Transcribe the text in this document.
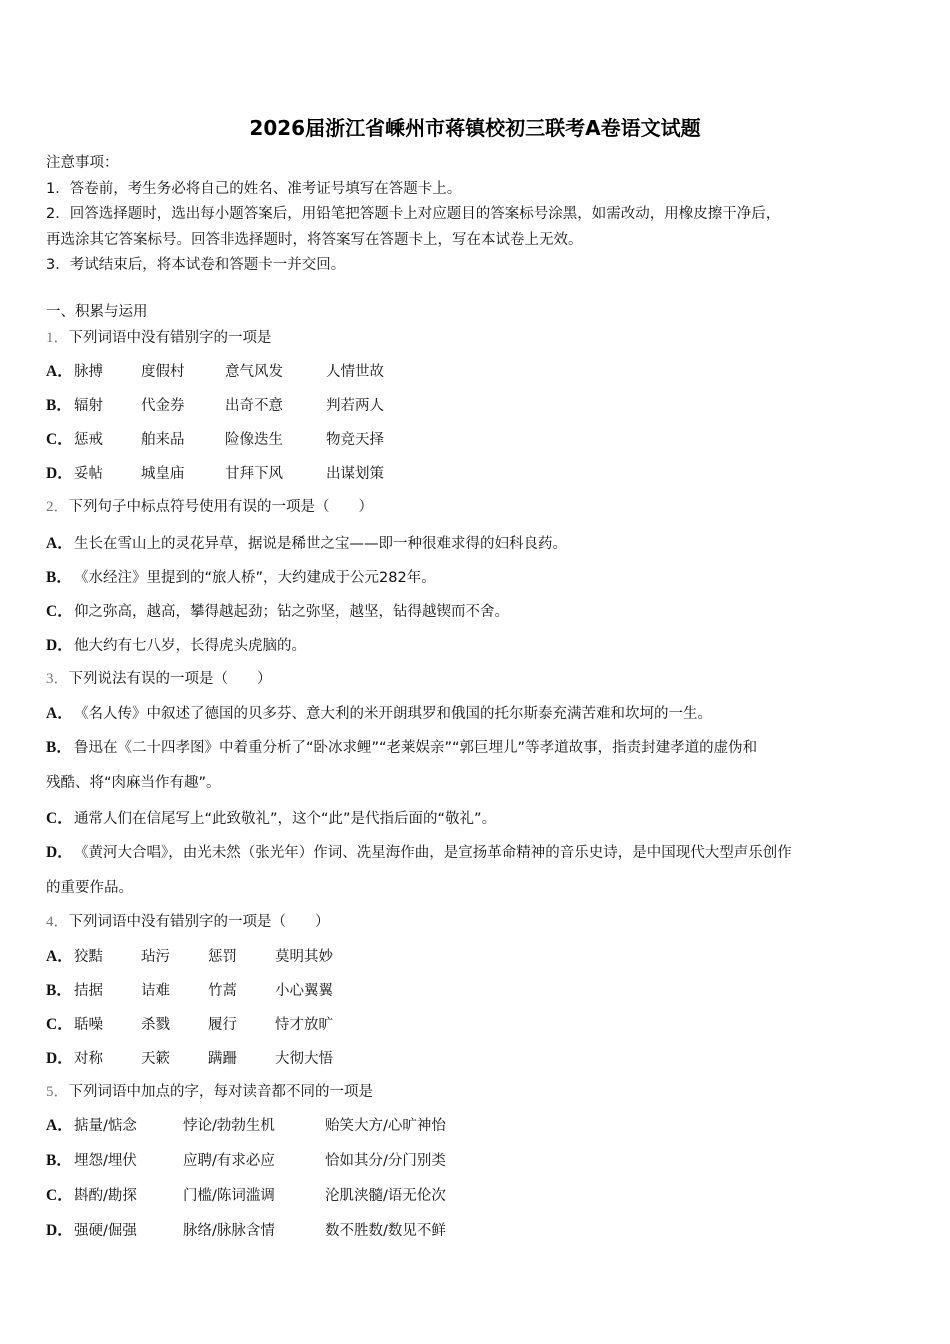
2026届浙江省嵊州市蒋镇校初三联考A卷语文试题
注意事项：
1．答卷前，考生务必将自己的姓名、准考证号填写在答题卡上。
2．回答选择题时，选出每小题答案后，用铅笔把答题卡上对应题目的答案标号涂黑，如需改动，用橡皮擦干净后，
再选涂其它答案标号。回答非选择题时，将答案写在答题卡上，写在本试卷上无效。
3．考试结束后，将本试卷和答题卡一并交回。
一、积累与运用
1．下列词语中没有错别字的一项是
A．脉搏	度假村	意气风发	人情世故
B． 辐射	代金券	出奇不意	判若两人
C．惩戒	舶来品	险像迭生	物竞天择
D．妥帖	城皇庙	甘拜下风	出谋划策
2．下列句子中标点符号使用有误的一项是（　　）
A．生长在雪山上的灵花异草，据说是稀世之宝——即一种很难求得的妇科良药。
B． 《水经注》里提到的“旅人桥”，大约建成于公元282年。
C．仰之弥高，越高，攀得越起劲；钻之弥坚，越坚，钻得越锲而不舍。
D．他大约有七八岁，长得虎头虎脑的。
3．下列说法有误的一项是（　　）
A．《名人传》中叙述了德国的贝多芬、意大利的米开朗琪罗和俄国的托尔斯泰充满苦难和坎坷的一生。
B． 鲁迅在《二十四孝图》中着重分析了“卧冰求鲤”“老莱娱亲”“郭巨埋儿”等孝道故事，指责封建孝道的虚伪和
残酷、将“肉麻当作有趣”。
C．通常人们在信尾写上“此致敬礼”，这个“此”是代指后面的“敬礼”。
D．《黄河大合唱》，由光未然（张光年）作词、冼星海作曲，是宣扬革命精神的音乐史诗，是中国现代大型声乐创作
的重要作品。
4．下列词语中没有错别字的一项是（　　）
A．狡黠	玷污	惩罚	莫明其妙
B． 拮据	诘难	竹蒿	小心翼翼
C．聒噪	杀戮	履行	恃才放旷
D．对称	天簌	蹒跚	大彻大悟
5．下列词语中加点的字，每对读音都不同的一项是
A．掂量/惦念	悖论/勃勃生机	贻笑大方/心旷神怡
B． 埋怨/埋伏	应聘/有求必应	恰如其分/分门别类
C．斟酌/勘探	门槛/陈词滥调	沦肌浃髓/语无伦次
D．强硬/倔强	脉络/脉脉含情	数不胜数/数见不鲜
